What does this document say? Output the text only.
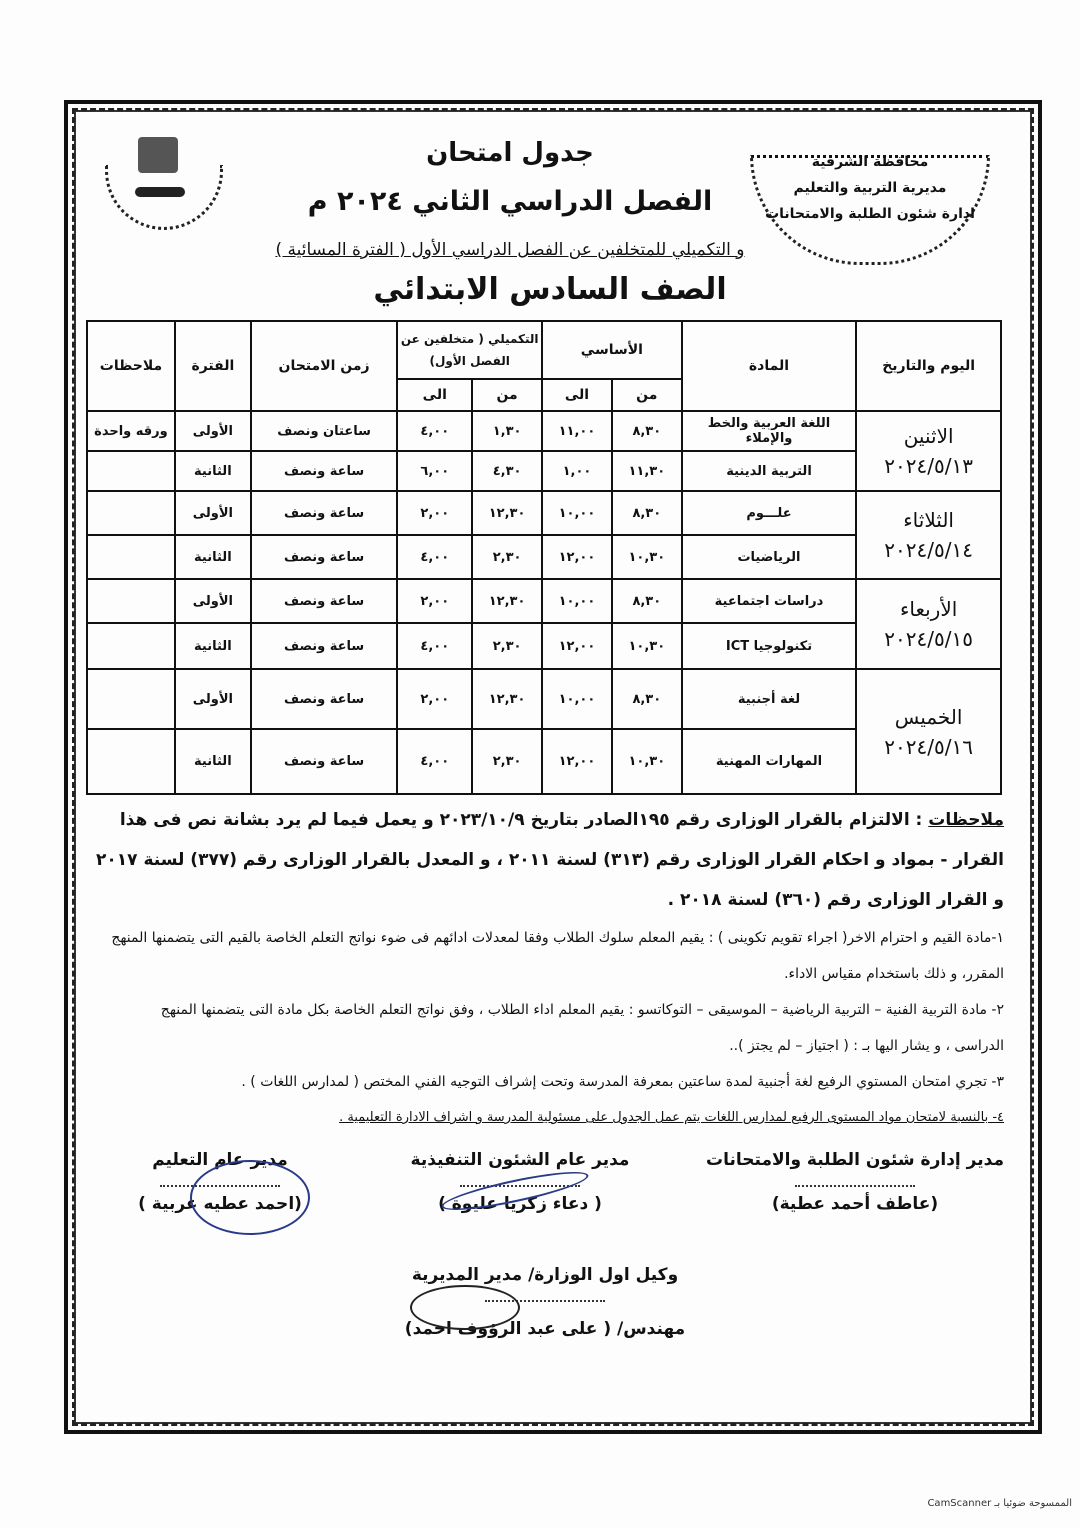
محافظة الشرقية
مديرية التربية والتعليم
ادارة شئون الطلبة والامتحانات
جدول امتحان
الفصل الدراسي الثاني ٢٠٢٤ م
و التكميلي للمتخلفين عن الفصل الدراسي الأول ( الفترة المسائية )
الصف السادس الابتدائي
اليوم والتاريخ	المادة	الأساسي		التكميلي ( متخلفين عن الفصل الأول)		زمن الامتحان	الفترة	ملاحظات
		من	الى	من	الى			

الاثنين
٢٠٢٤/٥/١٣	اللغة العربية والخط والإملاء	٨,٣٠	١١,٠٠	١,٣٠	٤,٠٠	ساعتان ونصف	الأولى	ورقه واحدة
	التربية الدينية	١١,٣٠	١,٠٠	٤,٣٠	٦,٠٠	ساعة ونصف	الثانية	

الثلاثاء
٢٠٢٤/٥/١٤	علـــوم	٨,٣٠	١٠,٠٠	١٢,٣٠	٢,٠٠	ساعة ونصف	الأولى	
	الرياضيات	١٠,٣٠	١٢,٠٠	٢,٣٠	٤,٠٠	ساعة ونصف	الثانية	

الأربعاء
٢٠٢٤/٥/١٥	دراسات اجتماعية	٨,٣٠	١٠,٠٠	١٢,٣٠	٢,٠٠	ساعة ونصف	الأولى	
	تكنولوجيا ICT	١٠,٣٠	١٢,٠٠	٢,٣٠	٤,٠٠	ساعة ونصف	الثانية	

الخميس
٢٠٢٤/٥/١٦	لغة أجنبية	٨,٣٠	١٠,٠٠	١٢,٣٠	٢,٠٠	ساعة ونصف	الأولى	
	المهارات المهنية	١٠,٣٠	١٢,٠٠	٢,٣٠	٤,٠٠	ساعة ونصف	الثانية	
ملاحظات : الالتزام بالقرار الوزارى رقم ١٩٥الصادر بتاريخ ٢٠٢٣/١٠/٩ و يعمل فيما لم يرد بشانة نص فى هذا القرار - بمواد و احكام القرار الوزارى رقم (٣١٣) لسنة ٢٠١١ ، و المعدل بالقرار الوزارى رقم (٣٧٧) لسنة ٢٠١٧ و القرار الوزارى رقم (٣٦٠) لسنة ٢٠١٨ .
١-مادة القيم و احترام الاخر( اجراء تقويم تكوينى ) : يقيم المعلم سلوك الطلاب وفقا لمعدلات ادائهم فى ضوء نواتج التعلم الخاصة بالقيم التى يتضمنها المنهج المقرر، و ذلك باستخدام مقياس الاداء.
٢- مادة التربية الفنية – التربية الرياضية – الموسيقى – التوكاتسو : يقيم المعلم اداء الطلاب ، وفق نواتج التعلم الخاصة بكل مادة التى يتضمنها المنهج الدراسى ، و يشار اليها بـ : ( اجتياز – لم يجتز )..
٣- تجري امتحان المستوي الرفيع لغة أجنبية لمدة ساعتين بمعرفة المدرسة وتحت إشراف التوجيه الفني المختص ( لمدارس اللغات ) .
٤- بالنسبة لامتحان مواد المستوى الرفيع لمدارس اللغات يتم عمل الجدول على مسئولية المدرسة و اشراف الادارة التعليمية .
مدير إدارة شئون الطلبة والامتحانات
(عاطف أحمد عطية)
مدير عام الشئون التنفيذية
( دعاء زكريا عليوة )
مدير عام التعليم
(احمد عطيه غربية )
وكيل اول الوزارة/ مدير المديرية
مهندس/ ( على عبد الرؤوف احمد)
الممسوحة ضوئيا بـ CamScanner
